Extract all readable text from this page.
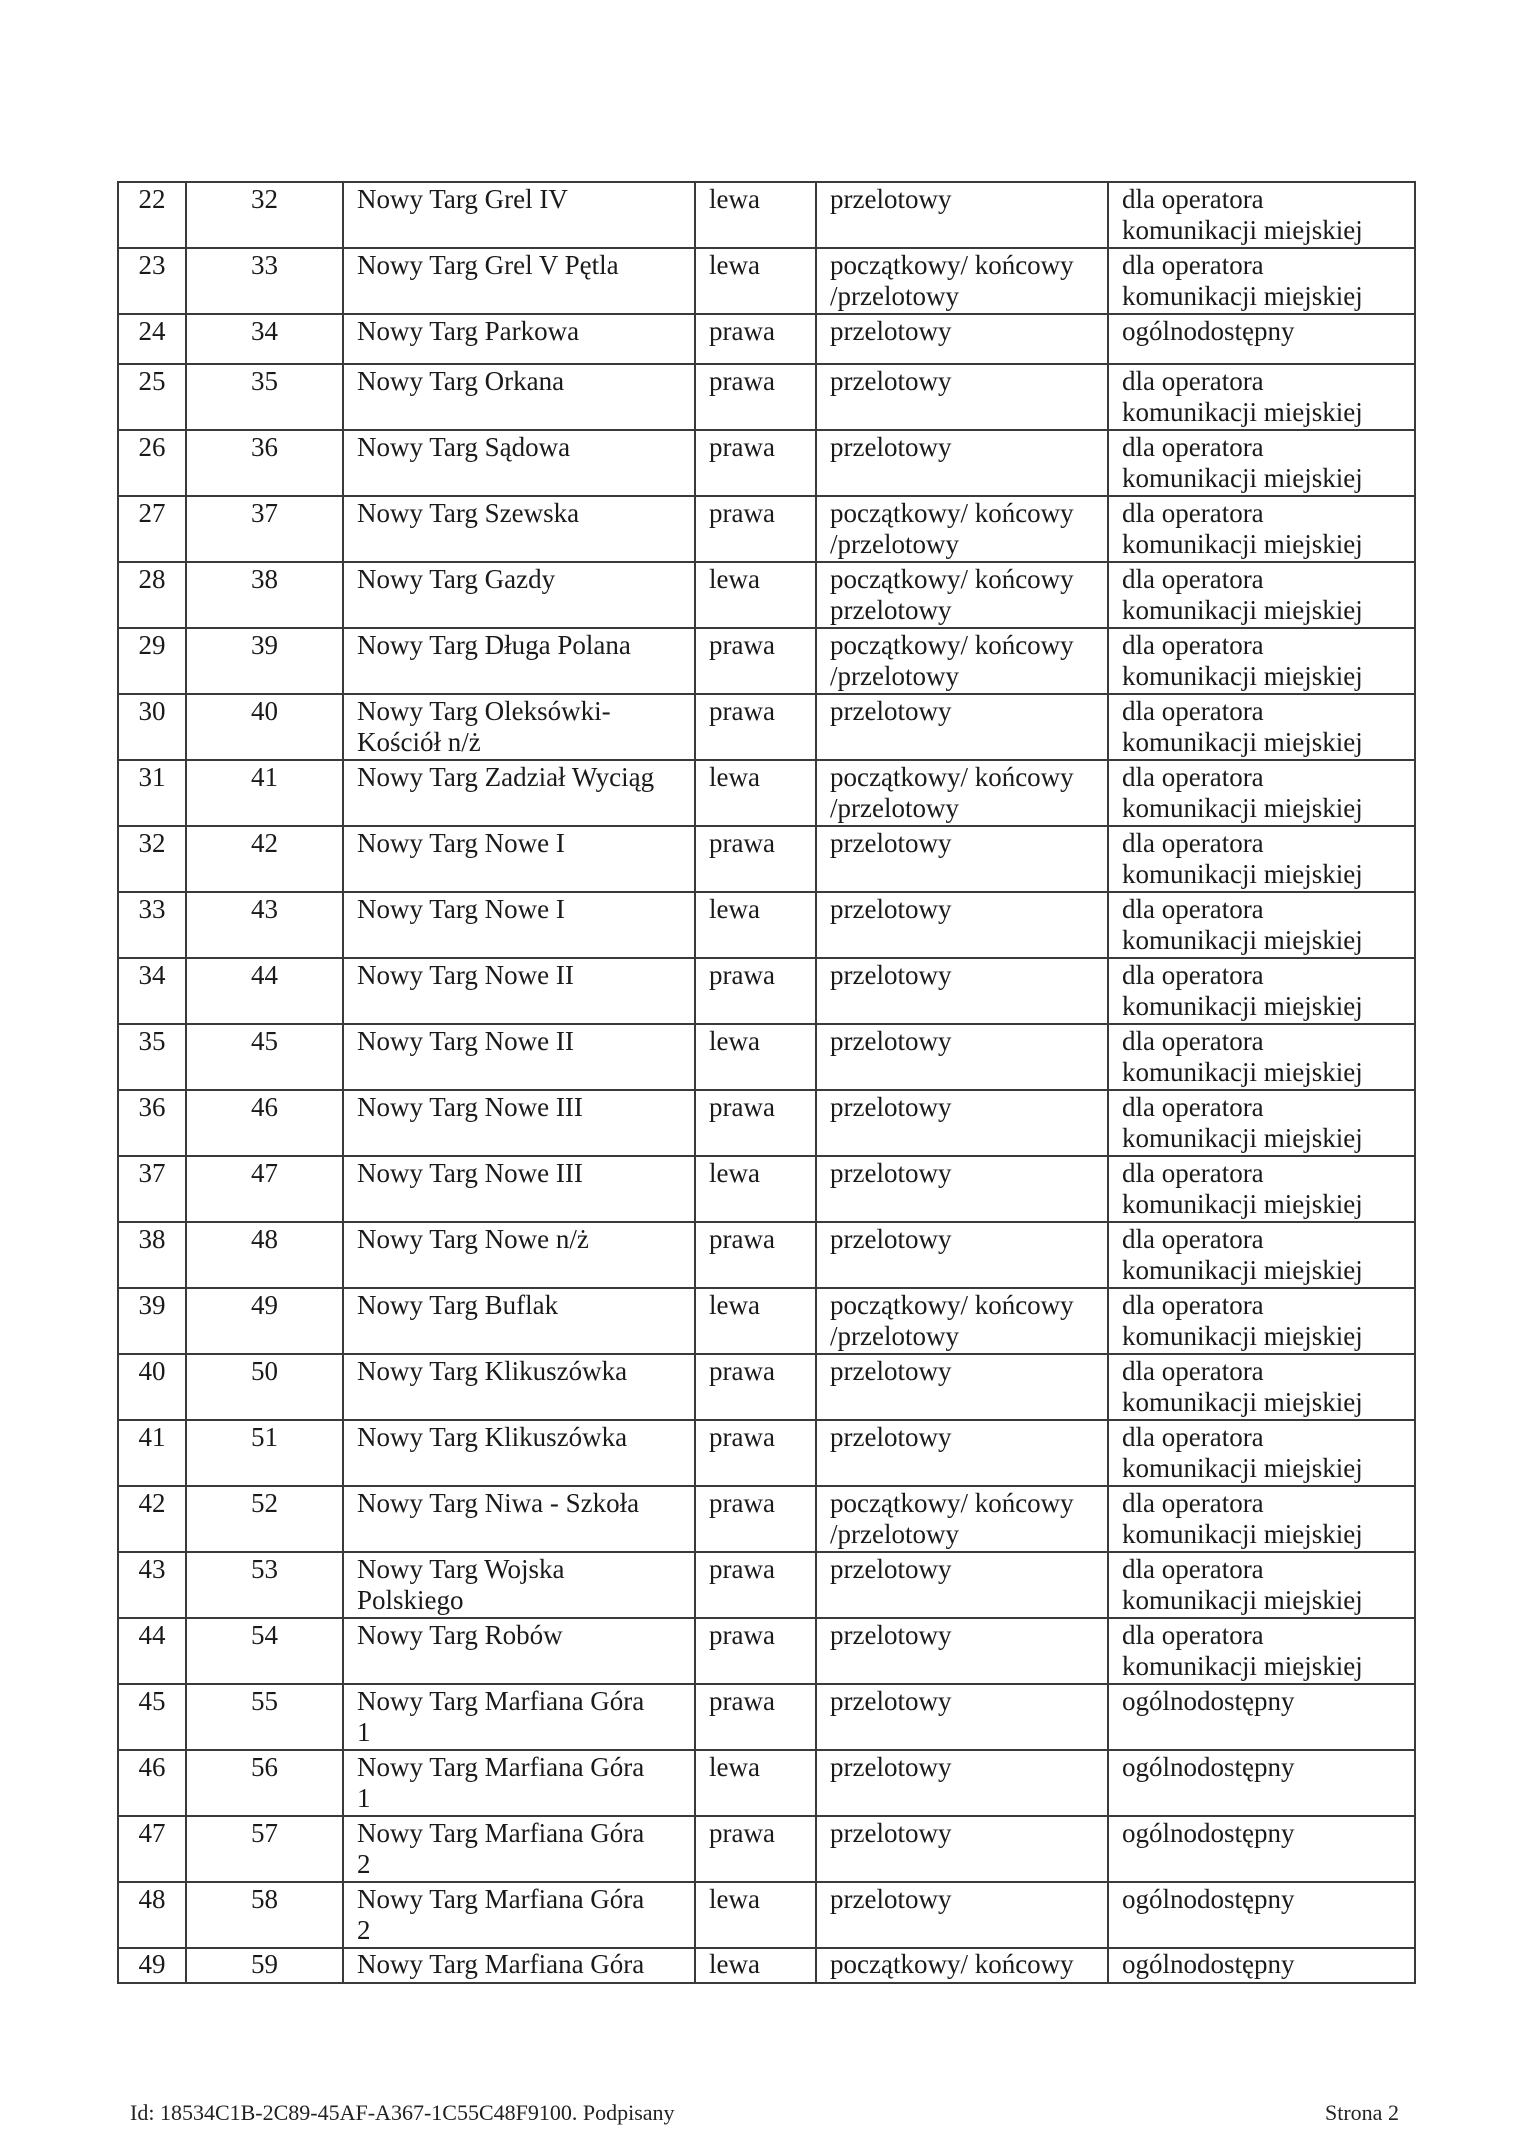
22	32	Nowy Targ Grel IV	lewa	przelotowy	dla operatora
komunikacji miejskiej

23	33	Nowy Targ Grel V Pętla	lewa	początkowy/ końcowy
/przelotowy	dla operatora
komunikacji miejskiej

24	34	Nowy Targ Parkowa	prawa	przelotowy	ogólnodostępny

25	35	Nowy Targ Orkana	prawa	przelotowy	dla operatora
komunikacji miejskiej

26	36	Nowy Targ Sądowa	prawa	przelotowy	dla operatora
komunikacji miejskiej

27	37	Nowy Targ Szewska	prawa	początkowy/ końcowy
/przelotowy	dla operatora
komunikacji miejskiej

28	38	Nowy Targ Gazdy	lewa	początkowy/ końcowy
przelotowy	dla operatora
komunikacji miejskiej

29	39	Nowy Targ Długa Polana	prawa	początkowy/ końcowy
/przelotowy	dla operatora
komunikacji miejskiej

30	40	Nowy Targ Oleksówki-
Kościół n/ż	prawa	przelotowy	dla operatora
komunikacji miejskiej

31	41	Nowy Targ Zadział Wyciąg	lewa	początkowy/ końcowy
/przelotowy	dla operatora
komunikacji miejskiej

32	42	Nowy Targ Nowe I	prawa	przelotowy	dla operatora
komunikacji miejskiej

33	43	Nowy Targ Nowe I	lewa	przelotowy	dla operatora
komunikacji miejskiej

34	44	Nowy Targ Nowe II	prawa	przelotowy	dla operatora
komunikacji miejskiej

35	45	Nowy Targ Nowe II	lewa	przelotowy	dla operatora
komunikacji miejskiej

36	46	Nowy Targ Nowe III	prawa	przelotowy	dla operatora
komunikacji miejskiej

37	47	Nowy Targ Nowe III	lewa	przelotowy	dla operatora
komunikacji miejskiej

38	48	Nowy Targ Nowe n/ż	prawa	przelotowy	dla operatora
komunikacji miejskiej

39	49	Nowy Targ Buflak	lewa	początkowy/ końcowy
/przelotowy	dla operatora
komunikacji miejskiej

40	50	Nowy Targ Klikuszówka	prawa	przelotowy	dla operatora
komunikacji miejskiej

41	51	Nowy Targ Klikuszówka	prawa	przelotowy	dla operatora
komunikacji miejskiej

42	52	Nowy Targ Niwa - Szkoła	prawa	początkowy/ końcowy
/przelotowy	dla operatora
komunikacji miejskiej

43	53	Nowy Targ Wojska
Polskiego	prawa	przelotowy	dla operatora
komunikacji miejskiej

44	54	Nowy Targ Robów	prawa	przelotowy	dla operatora
komunikacji miejskiej

45	55	Nowy Targ Marfiana Góra
1	prawa	przelotowy	ogólnodostępny

46	56	Nowy Targ Marfiana Góra
1	lewa	przelotowy	ogólnodostępny

47	57	Nowy Targ Marfiana Góra
2	prawa	przelotowy	ogólnodostępny

48	58	Nowy Targ Marfiana Góra
2	lewa	przelotowy	ogólnodostępny

49	59	Nowy Targ Marfiana Góra	lewa	początkowy/ końcowy	ogólnodostępny
Id: 18534C1B-2C89-45AF-A367-1C55C48F9100. Podpisany	Strona 2
